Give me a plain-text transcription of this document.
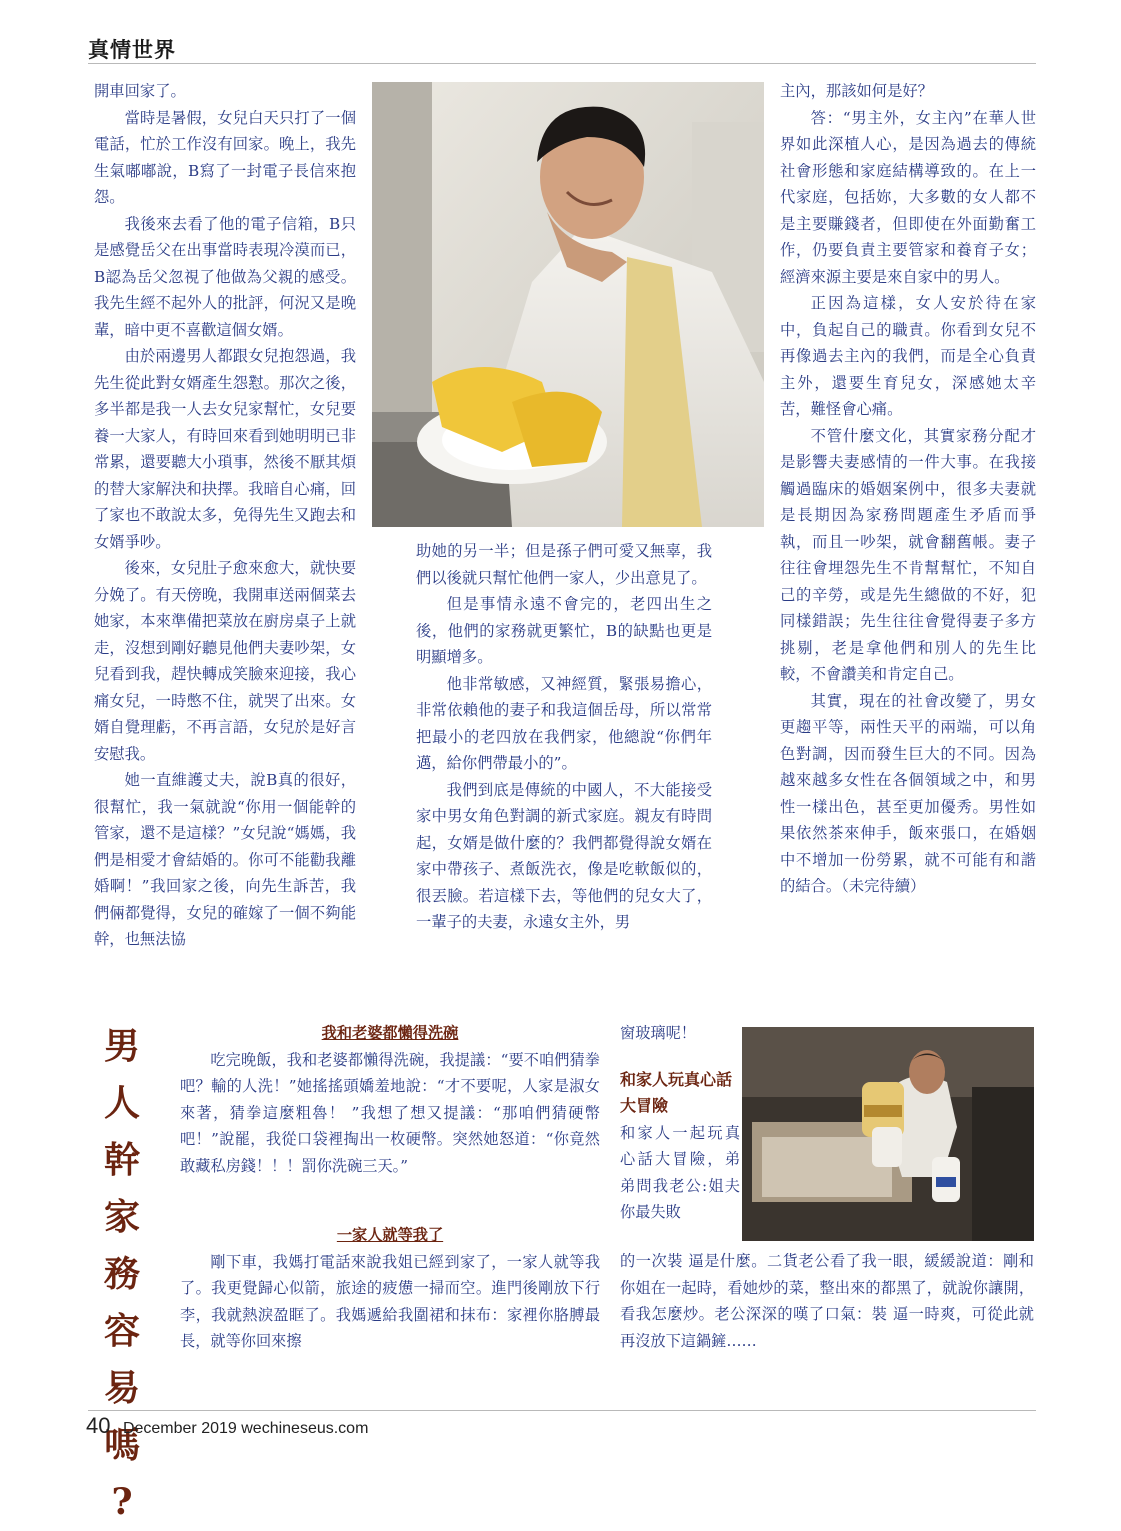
真情世界

開車回家了。

當時是暑假，女兒白天只打了一個電話，忙於工作沒有回家。晚上，我先生氣嘟嘟說，B寫了一封電子長信來抱怨。

我後來去看了他的電子信箱，B只是感覺岳父在出事當時表現冷漠而已，B認為岳父忽視了他做為父親的感受。我先生經不起外人的批評，何況又是晚輩，暗中更不喜歡這個女婿。

由於兩邊男人都跟女兒抱怨過，我先生從此對女婿產生怨懟。那次之後，多半都是我一人去女兒家幫忙，女兒要養一大家人，有時回來看到她明明已非常累，還要聽大小瑣事，然後不厭其煩的替大家解決和抉擇。我暗自心痛，回了家也不敢說太多，免得先生又跑去和女婿爭吵。

後來，女兒肚子愈來愈大，就快要分娩了。有天傍晚，我開車送兩個菜去她家，本來準備把菜放在廚房桌子上就走，沒想到剛好聽見他們夫妻吵架，女兒看到我，趕快轉成笑臉來迎接，我心痛女兒，一時憋不住，就哭了出來。女婿自覺理虧，不再言語，女兒於是好言安慰我。

她一直維護丈夫，說B真的很好，很幫忙，我一氣就說“你用一個能幹的管家，還不是這樣？”女兒說“媽媽，我們是相愛才會結婚的。你可不能勸我離婚啊！”我回家之後，向先生訴苦，我們倆都覺得，女兒的確嫁了一個不夠能幹，也無法協

助她的另一半；但是孫子們可愛又無辜，我們以後就只幫忙他們一家人，少出意見了。

但是事情永遠不會完的，老四出生之後，他們的家務就更繁忙，B的缺點也更是明顯增多。

他非常敏感，又神經質，緊張易擔心，非常依賴他的妻子和我這個岳母，所以常常把最小的老四放在我們家，他總說“你們年邁，給你們帶最小的”。

我們到底是傳統的中國人，不大能接受家中男女角色對調的新式家庭。親友有時問起，女婿是做什麼的？我們都覺得說女婿在家中帶孩子、煮飯洗衣，像是吃軟飯似的，很丟臉。若這樣下去，等他們的兒女大了，一輩子的夫妻，永遠女主外，男

主內，那該如何是好？

答：“男主外，女主內”在華人世界如此深植人心，是因為過去的傳統社會形態和家庭結構導致的。在上一代家庭，包括妳，大多數的女人都不是主要賺錢者，但即使在外面勤奮工作，仍要負責主要管家和養育子女；經濟來源主要是來自家中的男人。

正因為這樣，女人安於待在家中，負起自己的職責。你看到女兒不再像過去主內的我們，而是全心負責主外，還要生育兒女，深感她太辛苦，難怪會心痛。

不管什麼文化，其實家務分配才是影響夫妻感情的一件大事。在我接觸過臨床的婚姻案例中，很多夫妻就是長期因為家務問題產生矛盾而爭執，而且一吵架，就會翻舊帳。妻子往往會埋怨先生不肯幫幫忙，不知自己的辛勞，或是先生總做的不好，犯同樣錯誤；先生往往會覺得妻子多方挑剔，老是拿他們和別人的先生比較，不會讚美和肯定自己。

其實，現在的社會改變了，男女更趨平等，兩性天平的兩端，可以角色對調，因而發生巨大的不同。因為越來越多女性在各個領域之中，和男性一樣出色，甚至更加優秀。男性如果依然茶來伸手，飯來張口，在婚姻中不增加一份勞累，就不可能有和諧的結合。（未完待續）

男
人
幹
家
務
容
易
嗎
?
我和老婆都懶得洗碗

吃完晚飯，我和老婆都懶得洗碗，我提議：“要不咱們猜拳吧？輸的人洗！”她搖搖頭嬌羞地說：“才不要呢，人家是淑女來著，猜拳這麼粗魯！ ”我想了想又提議：“那咱們猜硬幣吧！”說罷，我從口袋裡掏出一枚硬幣。突然她怒道：“你竟然敢藏私房錢！！！罰你洗碗三天。”

一家人就等我了

剛下車，我媽打電話來說我姐已經到家了，一家人就等我了。我更覺歸心似箭，旅途的疲憊一掃而空。進門後剛放下行李，我就熱淚盈眶了。我媽遞給我圍裙和抹布：家裡你胳膊最長，就等你回來擦

窗玻璃呢！

和家人玩真心話大冒險

和家人一起玩真心話大冒險，弟弟問我老公:姐夫你最失敗

的一次裝 逼是什麼。二貨老公看了我一眼，緩緩說道：剛和你姐在一起時，看她炒的菜，整出來的都黑了，就說你讓開，看我怎麼炒。老公深深的嘆了口氣：裝 逼一時爽，可從此就再沒放下這鍋鏟……

40 December 2019 wechineseus.com
